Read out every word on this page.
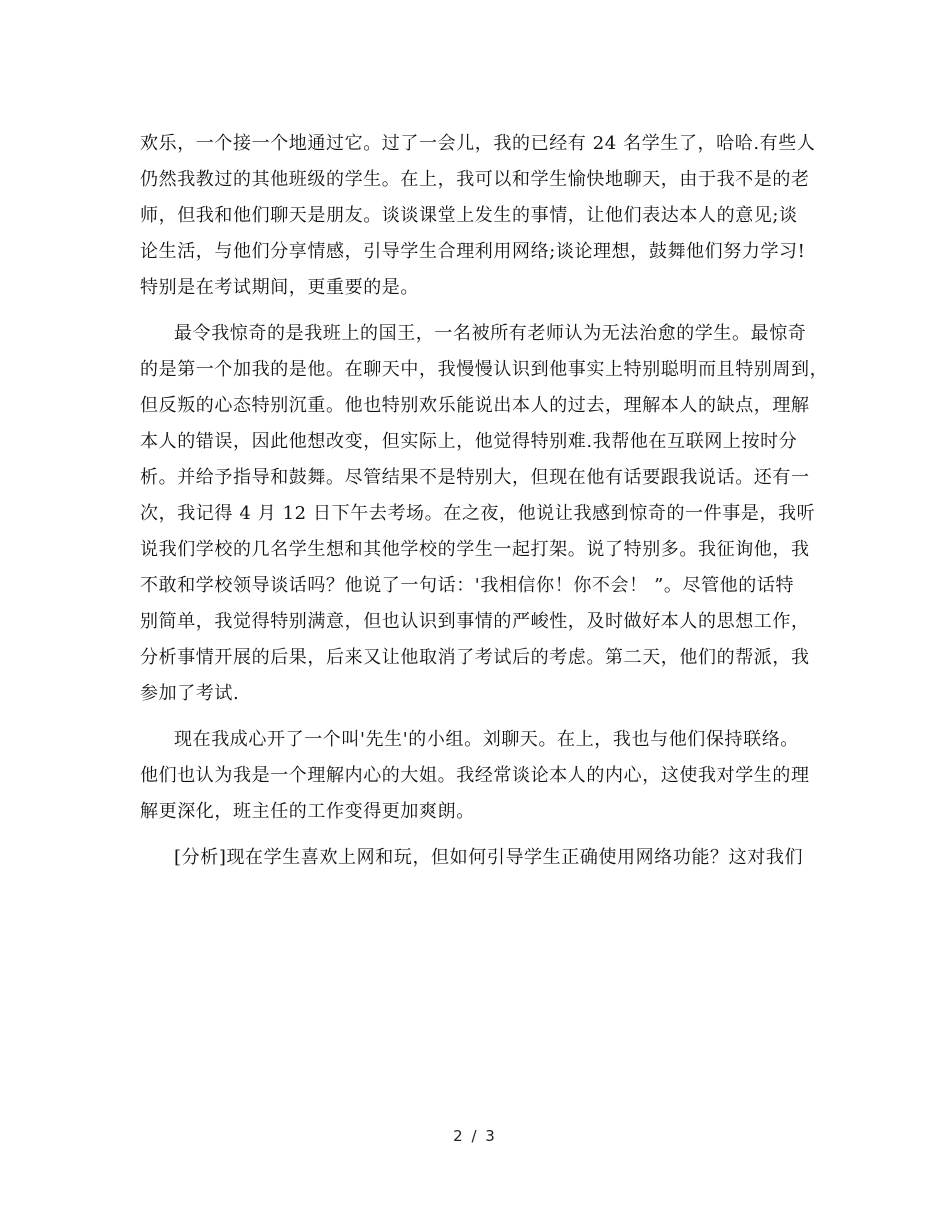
欢乐，一个接一个地通过它。过了一会儿，我的已经有 24 名学生了，哈哈.有些人
仍然我教过的其他班级的学生。在上，我可以和学生愉快地聊天，由于我不是的老
师，但我和他们聊天是朋友。谈谈课堂上发生的事情，让他们表达本人的意见;谈
论生活，与他们分享情感，引导学生合理利用网络;谈论理想，鼓舞他们努力学习!
特别是在考试期间，更重要的是。

最令我惊奇的是我班上的国王，一名被所有老师认为无法治愈的学生。最惊奇
的是第一个加我的是他。在聊天中，我慢慢认识到他事实上特别聪明而且特别周到，
但反叛的心态特别沉重。他也特别欢乐能说出本人的过去，理解本人的缺点，理解
本人的错误，因此他想改变，但实际上，他觉得特别难.我帮他在互联网上按时分
析。并给予指导和鼓舞。尽管结果不是特别大，但现在他有话要跟我说话。还有一
次，我记得 4 月 12 日下午去考场。在之夜，他说让我感到惊奇的一件事是，我听
说我们学校的几名学生想和其他学校的学生一起打架。说了特别多。我征询他，我
不敢和学校领导谈话吗？他说了一句话：'我相信你！你不会！ ”。尽管他的话特
别简单，我觉得特别满意，但也认识到事情的严峻性，及时做好本人的思想工作，
分析事情开展的后果，后来又让他取消了考试后的考虑。第二天，他们的帮派，我
参加了考试.

现在我成心开了一个叫'先生'的小组。刘聊天。在上，我也与他们保持联络。
他们也认为我是一个理解内心的大姐。我经常谈论本人的内心，这使我对学生的理
解更深化，班主任的工作变得更加爽朗。

[分析]现在学生喜欢上网和玩，但如何引导学生正确使用网络功能？这对我们

2 / 3
